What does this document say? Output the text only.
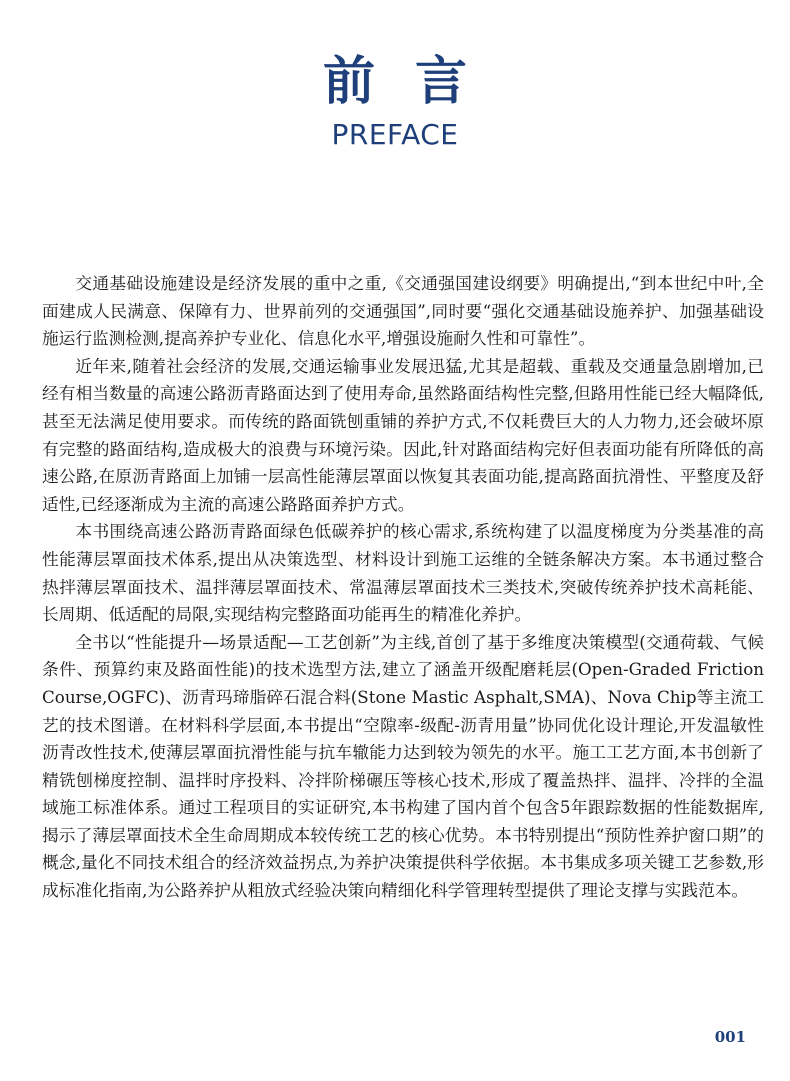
前言
PREFACE

交通基础设施建设是经济发展的重中之重,《交通强国建设纲要》明确提出,“到本世纪中叶,全面建成人民满意、保障有力、世界前列的交通强国”,同时要“强化交通基础设施养护、加强基础设施运行监测检测,提高养护专业化、信息化水平,增强设施耐久性和可靠性”。

近年来,随着社会经济的发展,交通运输事业发展迅猛,尤其是超载、重载及交通量急剧增加,已经有相当数量的高速公路沥青路面达到了使用寿命,虽然路面结构性完整,但路用性能已经大幅降低,甚至无法满足使用要求。而传统的路面铣刨重铺的养护方式,不仅耗费巨大的人力物力,还会破坏原有完整的路面结构,造成极大的浪费与环境污染。因此,针对路面结构完好但表面功能有所降低的高速公路,在原沥青路面上加铺一层高性能薄层罩面以恢复其表面功能,提高路面抗滑性、平整度及舒适性,已经逐渐成为主流的高速公路路面养护方式。

本书围绕高速公路沥青路面绿色低碳养护的核心需求,系统构建了以温度梯度为分类基准的高性能薄层罩面技术体系,提出从决策选型、材料设计到施工运维的全链条解决方案。本书通过整合热拌薄层罩面技术、温拌薄层罩面技术、常温薄层罩面技术三类技术,突破传统养护技术高耗能、长周期、低适配的局限,实现结构完整路面功能再生的精准化养护。

全书以“性能提升—场景适配—工艺创新”为主线,首创了基于多维度决策模型(交通荷载、气候条件、预算约束及路面性能)的技术选型方法,建立了涵盖开级配磨耗层(Open-Graded Friction Course,OGFC)、沥青玛𤧛脂碎石混合料(Stone Mastic Asphalt,SMA)、Nova Chip等主流工艺的技术图谱。在材料科学层面,本书提出“空隙率-级配-沥青用量”协同优化设计理论,开发温敏性沥青改性技术,使薄层罩面抗滑性能与抗车辙能力达到较为领先的水平。施工工艺方面,本书创新了精铣刨梯度控制、温拌时序投料、冷拌阶梯碾压等核心技术,形成了覆盖热拌、温拌、冷拌的全温域施工标准体系。通过工程项目的实证研究,本书构建了国内首个包含5年跟踪数据的性能数据库,揭示了薄层罩面技术全生命周期成本较传统工艺的核心优势。本书特别提出“预防性养护窗口期”的概念,量化不同技术组合的经济效益拐点,为养护决策提供科学依据。本书集成多项关键工艺参数,形成标准化指南,为公路养护从粗放式经验决策向精细化科学管理转型提供了理论支撑与实践范本。

001
